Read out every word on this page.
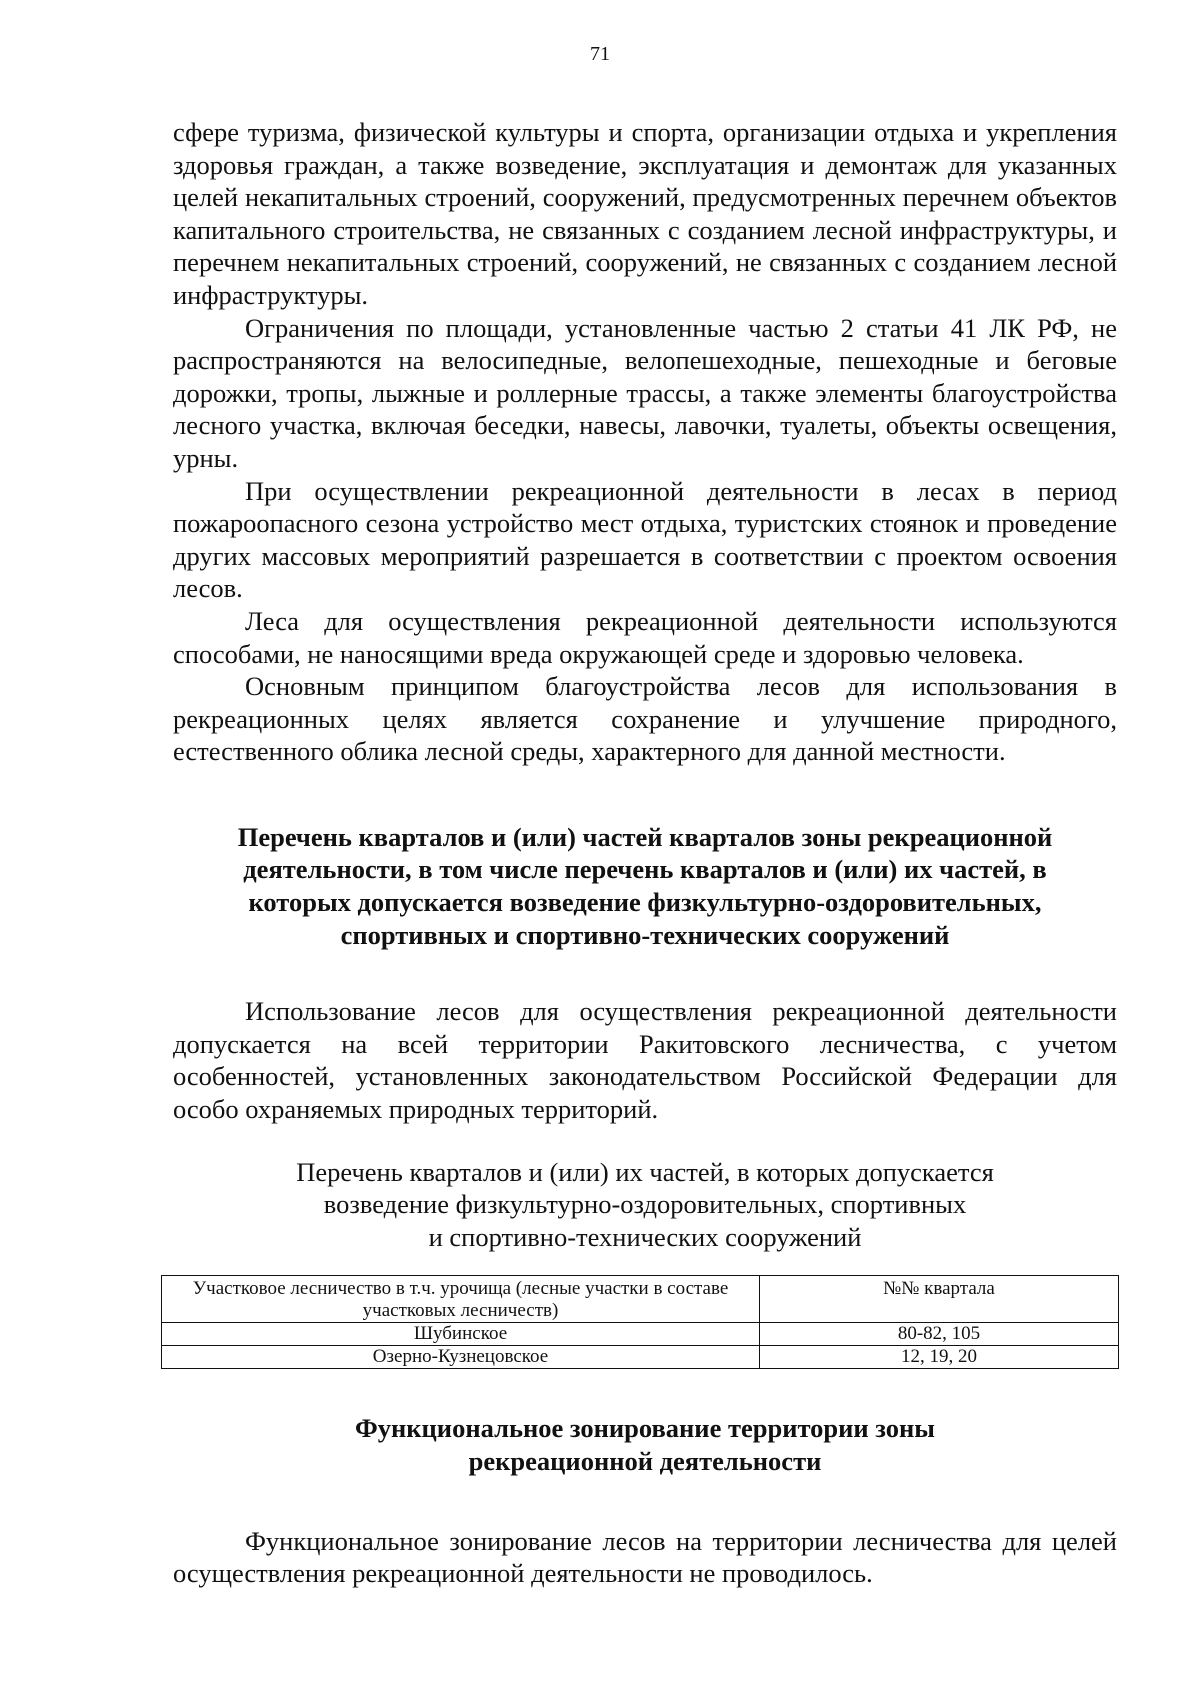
71

сфере туризма, физической культуры и спорта, организации отдыха и укрепления здоровья граждан, а также возведение, эксплуатация и демонтаж для указанных целей некапитальных строений, сооружений, предусмотренных перечнем объектов капитального строительства, не связанных с созданием лесной инфраструктуры, и перечнем некапитальных строений, сооружений, не связанных с созданием лесной инфраструктуры.

Ограничения по площади, установленные частью 2 статьи 41 ЛК РФ, не распространяются на велосипедные, велопешеходные, пешеходные и беговые дорожки, тропы, лыжные и роллерные трассы, а также элементы благоустройства лесного участка, включая беседки, навесы, лавочки, туалеты, объекты освещения, урны.

При осуществлении рекреационной деятельности в лесах в период пожароопасного сезона устройство мест отдыха, туристских стоянок и проведение других массовых мероприятий разрешается в соответствии с проектом освоения лесов.

Леса для осуществления рекреационной деятельности используются способами, не наносящими вреда окружающей среде и здоровью человека.

Основным принципом благоустройства лесов для использования в рекреационных целях является сохранение и улучшение природного, естественного облика лесной среды, характерного для данной местности.

Перечень кварталов и (или) частей кварталов зоны рекреационной
деятельности, в том числе перечень кварталов и (или) их частей, в
которых допускается возведение физкультурно-оздоровительных,
спортивных и спортивно-технических сооружений

Использование лесов для осуществления рекреационной деятельности допускается на всей территории Ракитовского лесничества, с учетом особенностей, установленных законодательством Российской Федерации для особо охраняемых природных территорий.

Перечень кварталов и (или) их частей, в которых допускается
возведение физкультурно-оздоровительных, спортивных
и спортивно-технических сооружений
Участковое лесничество в т.ч. урочища (лесные участки в составе участковых лесничеств)	№№ квартала
Шубинское	80-82, 105
Озерно-Кузнецовское	12, 19, 20
Функциональное зонирование территории зоны
рекреационной деятельности

Функциональное зонирование лесов на территории лесничества для целей осуществления рекреационной деятельности не проводилось.
